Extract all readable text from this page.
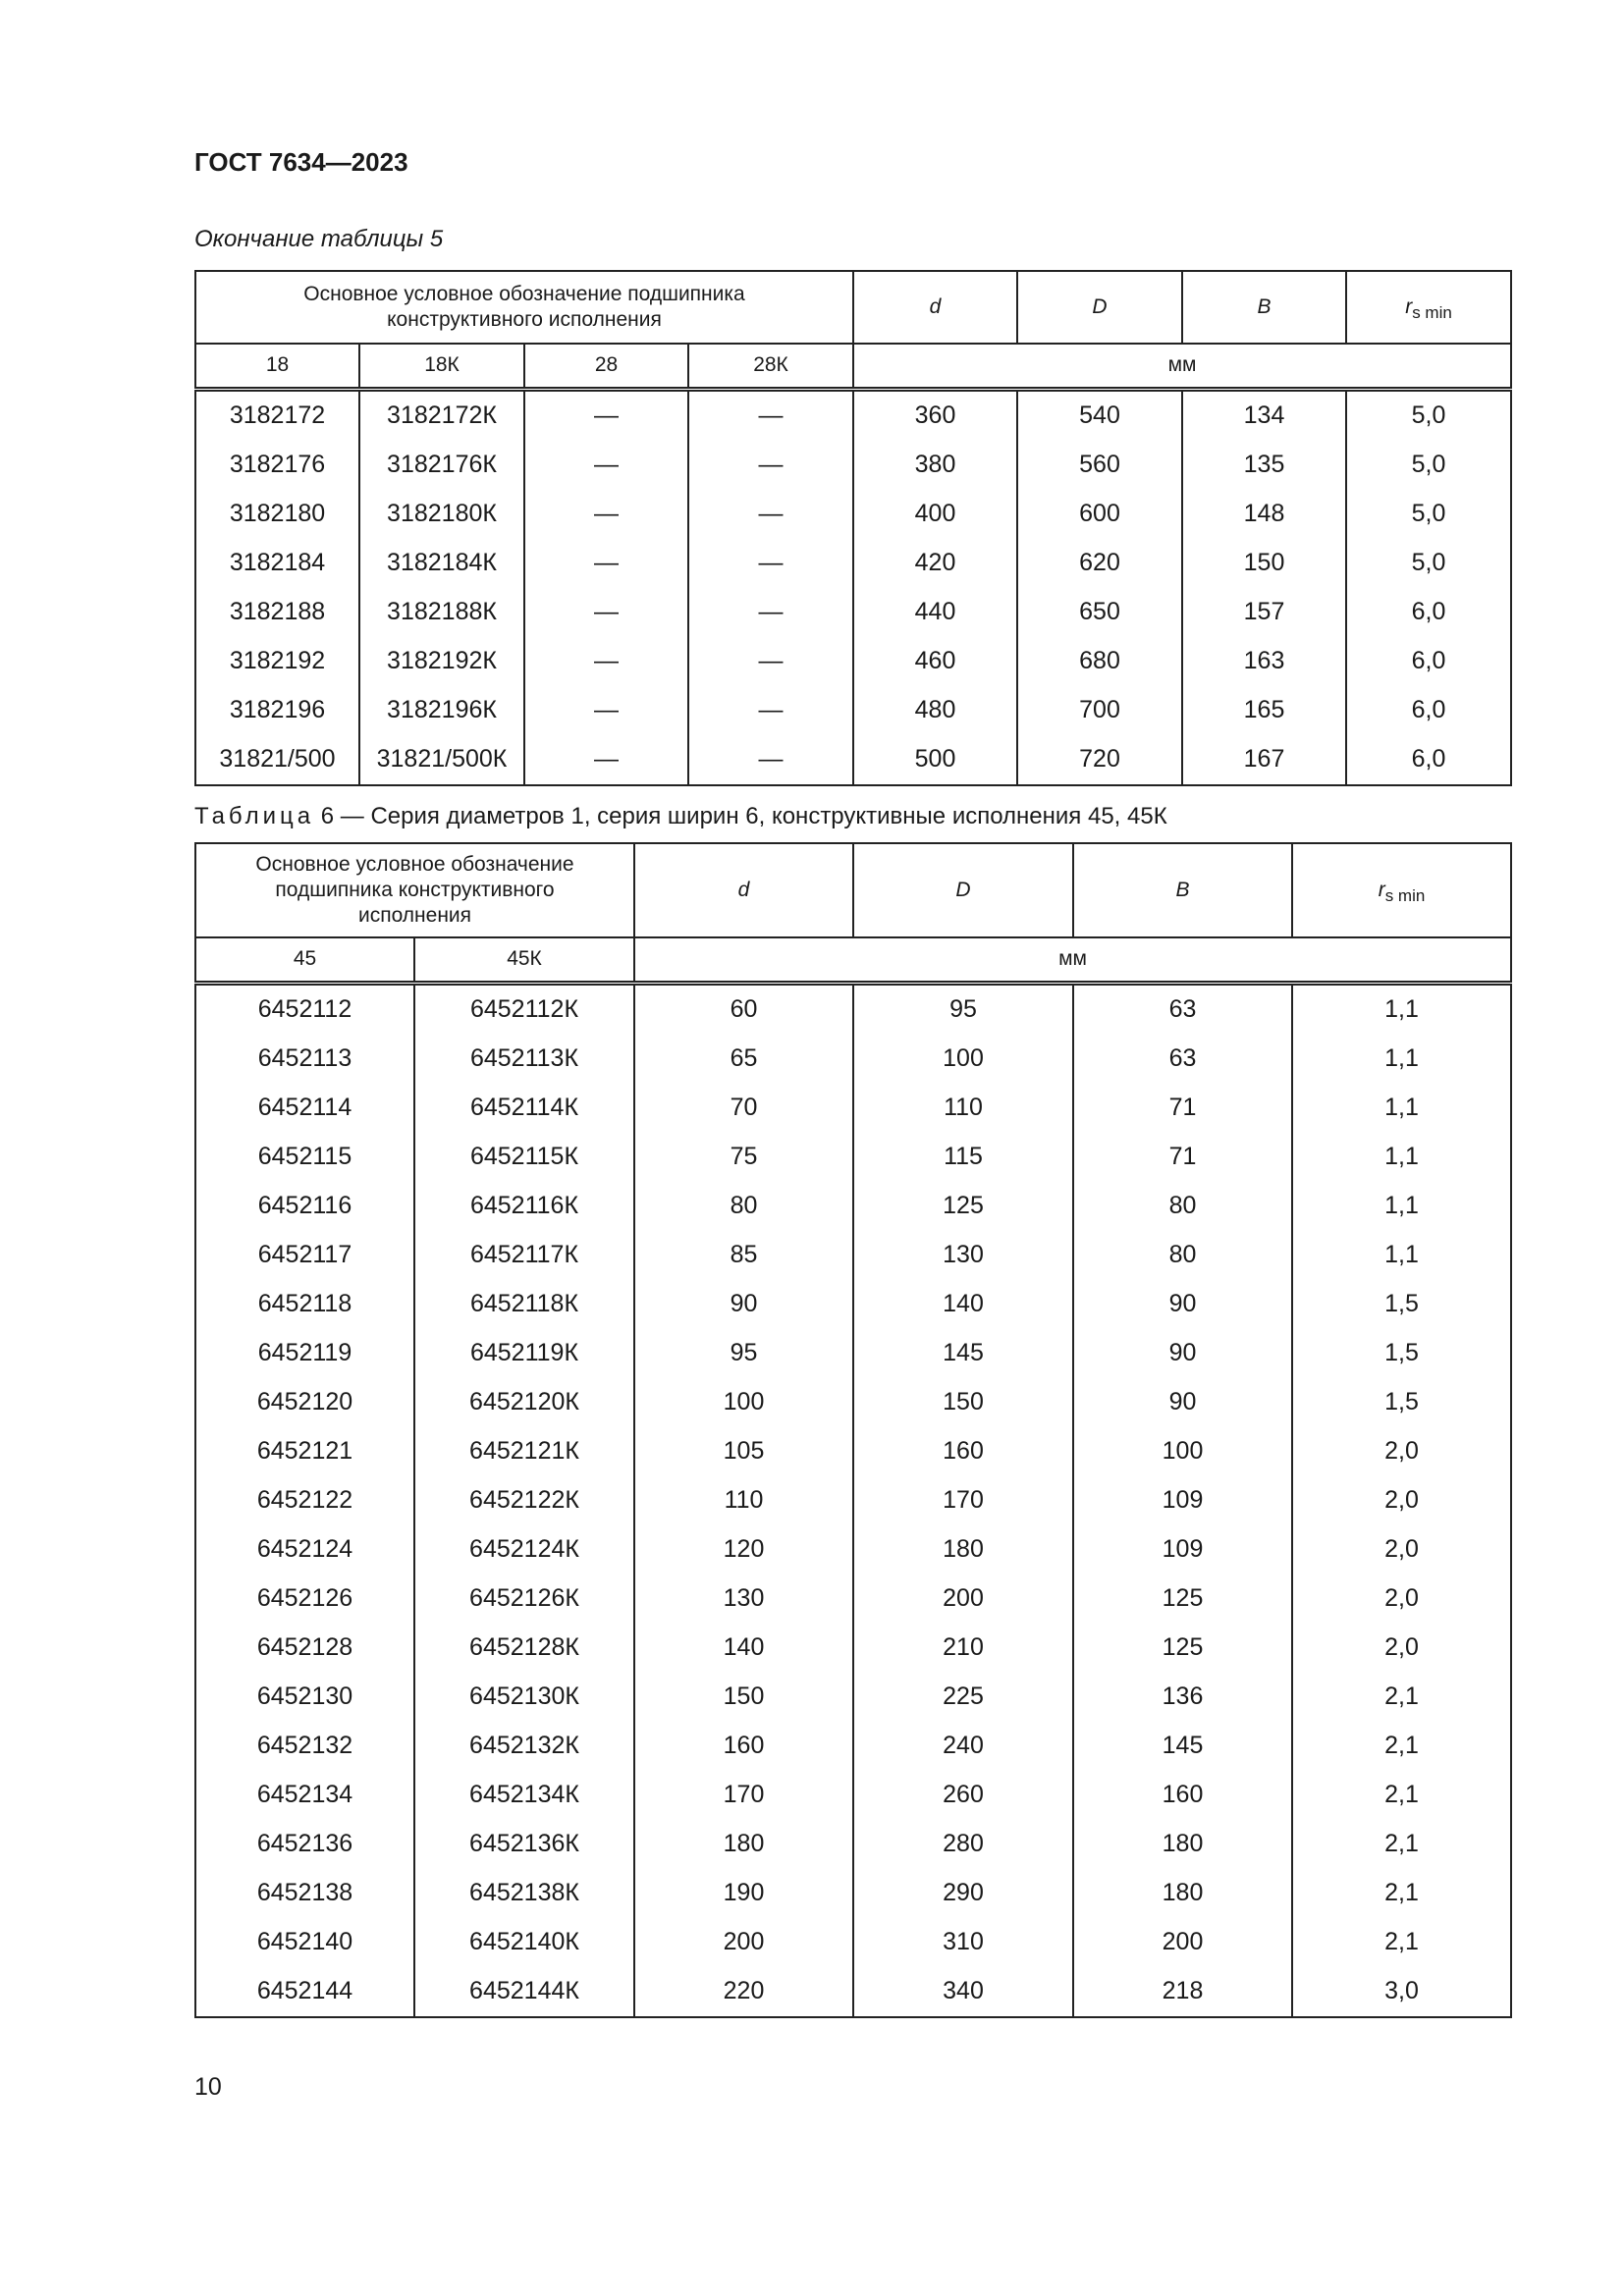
ГОСТ 7634—2023
Окончание таблицы 5
Основное условное обозначение подшипника конструктивного исполнения				d	D	B	$r_{s min}$
18	18К	28	28К	мм			
3182172	3182172К	—	—	360	540	134	5,0
3182176	3182176К	—	—	380	560	135	5,0
3182180	3182180К	—	—	400	600	148	5,0
3182184	3182184К	—	—	420	620	150	5,0
3182188	3182188К	—	—	440	650	157	6,0
3182192	3182192К	—	—	460	680	163	6,0
3182196	3182196К	—	—	480	700	165	6,0
31821/500	31821/500К	—	—	500	720	167	6,0
Таблица 6 — Серия диаметров 1, серия ширин 6, конструктивные исполнения 45, 45К
Основное условное обозначение подшипника конструктивного исполнения		d	D	B	$r_{s min}$
45	45К	мм			
6452112	6452112К	60	95	63	1,1
6452113	6452113К	65	100	63	1,1
6452114	6452114К	70	110	71	1,1
6452115	6452115К	75	115	71	1,1
6452116	6452116К	80	125	80	1,1
6452117	6452117К	85	130	80	1,1
6452118	6452118К	90	140	90	1,5
6452119	6452119К	95	145	90	1,5
6452120	6452120К	100	150	90	1,5
6452121	6452121К	105	160	100	2,0
6452122	6452122К	110	170	109	2,0
6452124	6452124К	120	180	109	2,0
6452126	6452126К	130	200	125	2,0
6452128	6452128К	140	210	125	2,0
6452130	6452130К	150	225	136	2,1
6452132	6452132К	160	240	145	2,1
6452134	6452134К	170	260	160	2,1
6452136	6452136К	180	280	180	2,1
6452138	6452138К	190	290	180	2,1
6452140	6452140К	200	310	200	2,1
6452144	6452144К	220	340	218	3,0
10
